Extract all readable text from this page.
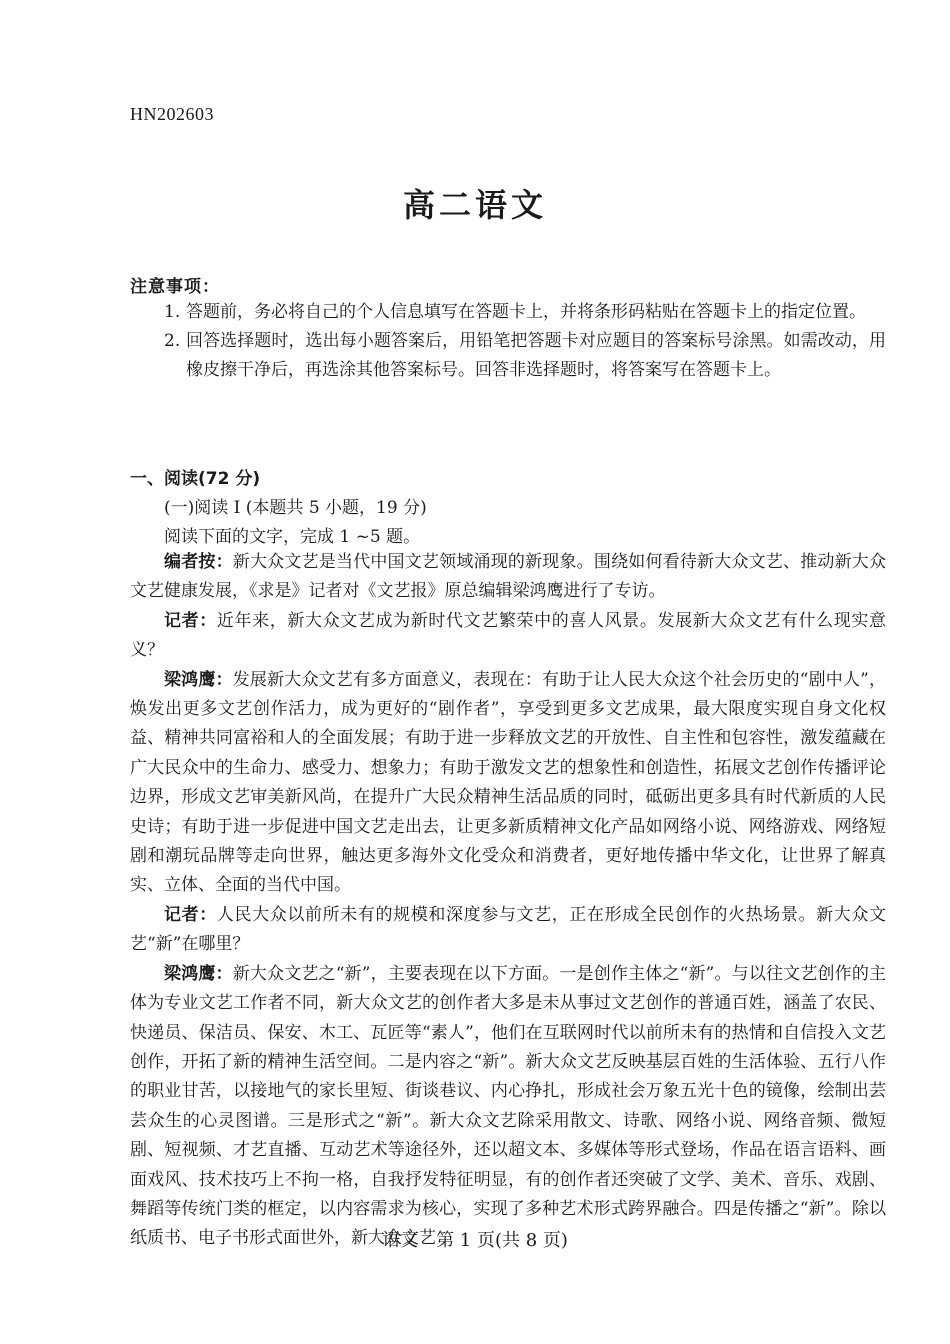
HN202603
高二语文
注意事项：
1. 答题前，务必将自己的个人信息填写在答题卡上，并将条形码粘贴在答题卡上的指定位置。
2. 回答选择题时，选出每小题答案后，用铅笔把答题卡对应题目的答案标号涂黑。如需改动，用橡皮擦干净后，再选涂其他答案标号。回答非选择题时，将答案写在答题卡上。
一、阅读(72 分)
(一)阅读 I (本题共 5 小题，19 分)
阅读下面的文字，完成 1 ~5 题。

编者按：新大众文艺是当代中国文艺领域涌现的新现象。围绕如何看待新大众文艺、推动新大众文艺健康发展，《求是》记者对《文艺报》原总编辑梁鸿鹰进行了专访。

记者：近年来，新大众文艺成为新时代文艺繁荣中的喜人风景。发展新大众文艺有什么现实意义？

梁鸿鹰：发展新大众文艺有多方面意义，表现在：有助于让人民大众这个社会历史的“剧中人”，焕发出更多文艺创作活力，成为更好的“剧作者”，享受到更多文艺成果，最大限度实现自身文化权益、精神共同富裕和人的全面发展；有助于进一步释放文艺的开放性、自主性和包容性，激发蕴藏在广大民众中的生命力、感受力、想象力；有助于激发文艺的想象性和创造性，拓展文艺创作传播评论边界，形成文艺审美新风尚，在提升广大民众精神生活品质的同时，砥砺出更多具有时代新质的人民史诗；有助于进一步促进中国文艺走出去，让更多新质精神文化产品如网络小说、网络游戏、网络短剧和潮玩品牌等走向世界，触达更多海外文化受众和消费者，更好地传播中华文化，让世界了解真实、立体、全面的当代中国。

记者：人民大众以前所未有的规模和深度参与文艺，正在形成全民创作的火热场景。新大众文艺“新”在哪里？

梁鸿鹰：新大众文艺之“新”，主要表现在以下方面。一是创作主体之“新”。与以往文艺创作的主体为专业文艺工作者不同，新大众文艺的创作者大多是未从事过文艺创作的普通百姓，涵盖了农民、快递员、保洁员、保安、木工、瓦匠等“素人”，他们在互联网时代以前所未有的热情和自信投入文艺创作，开拓了新的精神生活空间。二是内容之“新”。新大众文艺反映基层百姓的生活体验、五行八作的职业甘苦，以接地气的家长里短、街谈巷议、内心挣扎，形成社会万象五光十色的镜像，绘制出芸芸众生的心灵图谱。三是形式之“新”。新大众文艺除采用散文、诗歌、网络小说、网络音频、微短剧、短视频、才艺直播、互动艺术等途径外，还以超文本、多媒体等形式登场，作品在语言语料、画面戏风、技术技巧上不拘一格，自我抒发特征明显，有的创作者还突破了文学、美术、音乐、戏剧、舞蹈等传统门类的框定，以内容需求为核心，实现了多种艺术形式跨界融合。四是传播之“新”。除以纸质书、电子书形式面世外，新大众文艺

语文　第 1 页(共 8 页)
